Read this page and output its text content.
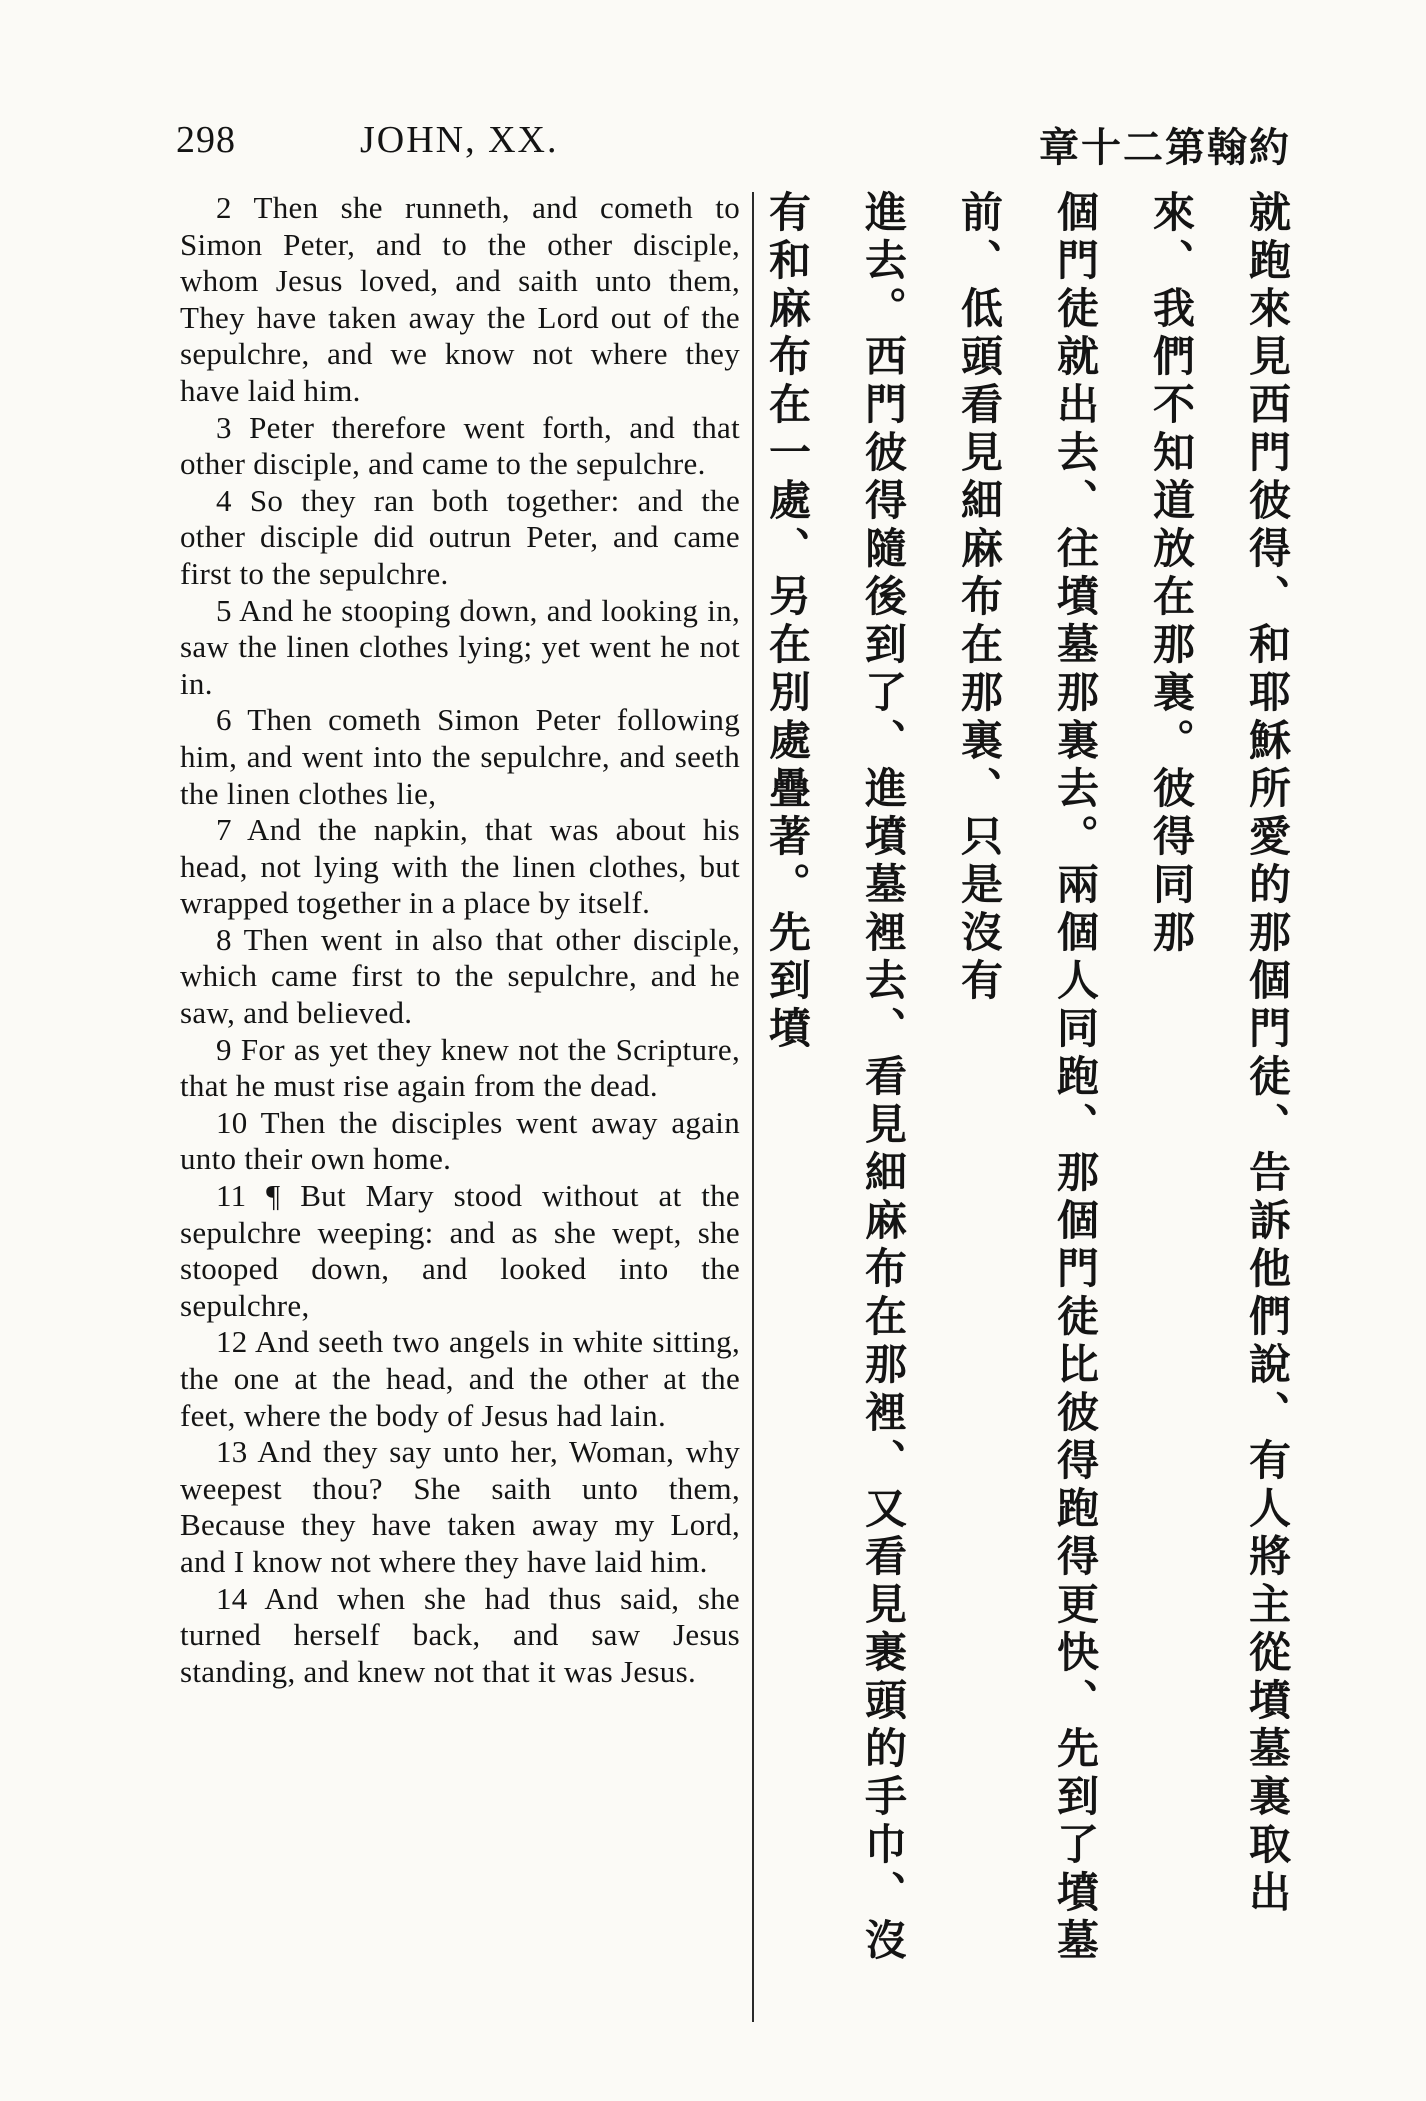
298	JOHN, XX.	約翰第二十章

2 Then she runneth, and cometh to Simon Peter, and to the other disciple, whom Jesus loved, and saith unto them, They have taken away the Lord out of the sepulchre, and we know not where they have laid him.

3 Peter therefore went forth, and that other disciple, and came to the sepulchre.

4 So they ran both together: and the other disciple did outrun Peter, and came first to the sepulchre.

5 And he stooping down, and looking in, saw the linen clothes lying; yet went he not in.

6 Then cometh Simon Peter following him, and went into the sepulchre, and seeth the linen clothes lie,

7 And the napkin, that was about his head, not lying with the linen clothes, but wrapped together in a place by itself.

8 Then went in also that other disciple, which came first to the sepulchre, and he saw, and believed.

9 For as yet they knew not the Scripture, that he must rise again from the dead.

10 Then the disciples went away again unto their own home.

11 ¶ But Mary stood without at the sepulchre weeping: and as she wept, she stooped down, and looked into the sepulchre,

12 And seeth two angels in white sitting, the one at the head, and the other at the feet, where the body of Jesus had lain.

13 And they say unto her, Woman, why weepest thou? She saith unto them, Because they have taken away my Lord, and I know not where they have laid him.

14 And when she had thus said, she turned herself back, and saw Jesus standing, and knew not that it was Jesus.	就跑來見西門彼得、和耶穌所愛的那個門徒、告訴他們說、有人將主從墳墓裏取出來、我們不知道放在那裏。彼得同那

個門徒就出去、往墳墓那裏去。兩個人同跑、那個門徒比彼得跑得更快、先到了墳墓前、低頭看見細麻布在那裏、只是沒有

進去。西門彼得隨後到了、進墳墓裡去、看見細麻布在那裡、又看見裹頭的手巾、沒有和麻布在一處、另在別處疊著。先到墳
